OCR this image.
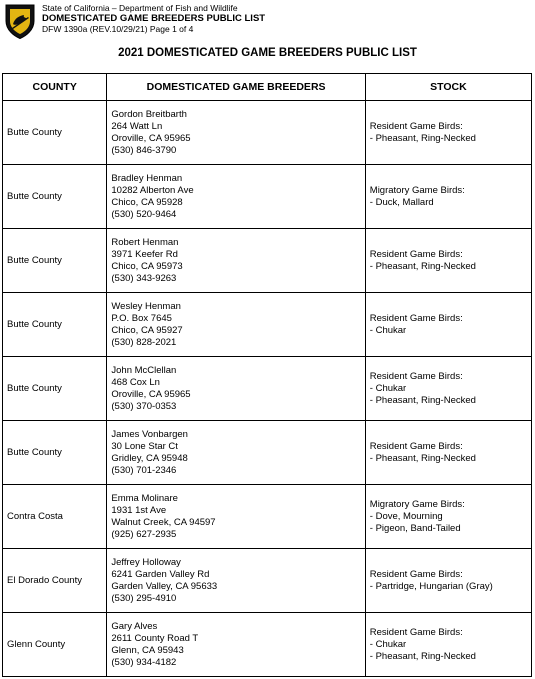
State of California – Department of Fish and Wildlife
DOMESTICATED GAME BREEDERS PUBLIC LIST
DFW 1390a (REV.10/29/21) Page 1 of 4
2021 DOMESTICATED GAME BREEDERS PUBLIC LIST
COUNTY	DOMESTICATED GAME BREEDERS	STOCK
Butte County	Gordon Breitbarth
264 Watt Ln
Oroville, CA 95965
(530) 846-3790	Resident Game Birds:
- Pheasant, Ring-Necked

Butte County	Bradley Henman
10282 Alberton Ave
Chico, CA 95928
(530) 520-9464	Migratory Game Birds:
- Duck, Mallard

Butte County	Robert Henman
3971 Keefer Rd
Chico, CA 95973
(530) 343-9263	Resident Game Birds:
- Pheasant, Ring-Necked

Butte County	Wesley Henman
P.O. Box 7645
Chico, CA 95927
(530) 828-2021	Resident Game Birds:
- Chukar

Butte County	John McClellan
468 Cox Ln
Oroville, CA 95965
(530) 370-0353	Resident Game Birds:
- Chukar
- Pheasant, Ring-Necked

Butte County	James Vonbargen
30 Lone Star Ct
Gridley, CA 95948
(530) 701-2346	Resident Game Birds:
- Pheasant, Ring-Necked

Contra Costa	Emma Molinare
1931 1st Ave
Walnut Creek, CA 94597
(925) 627-2935	Migratory Game Birds:
- Dove, Mourning
- Pigeon, Band-Tailed

El Dorado County	Jeffrey Holloway
6241 Garden Valley Rd
Garden Valley, CA 95633
(530) 295-4910	Resident Game Birds:
- Partridge, Hungarian (Gray)

Glenn County	Gary Alves
2611 County Road T
Glenn, CA 95943
(530) 934-4182	Resident Game Birds:
- Chukar
- Pheasant, Ring-Necked
